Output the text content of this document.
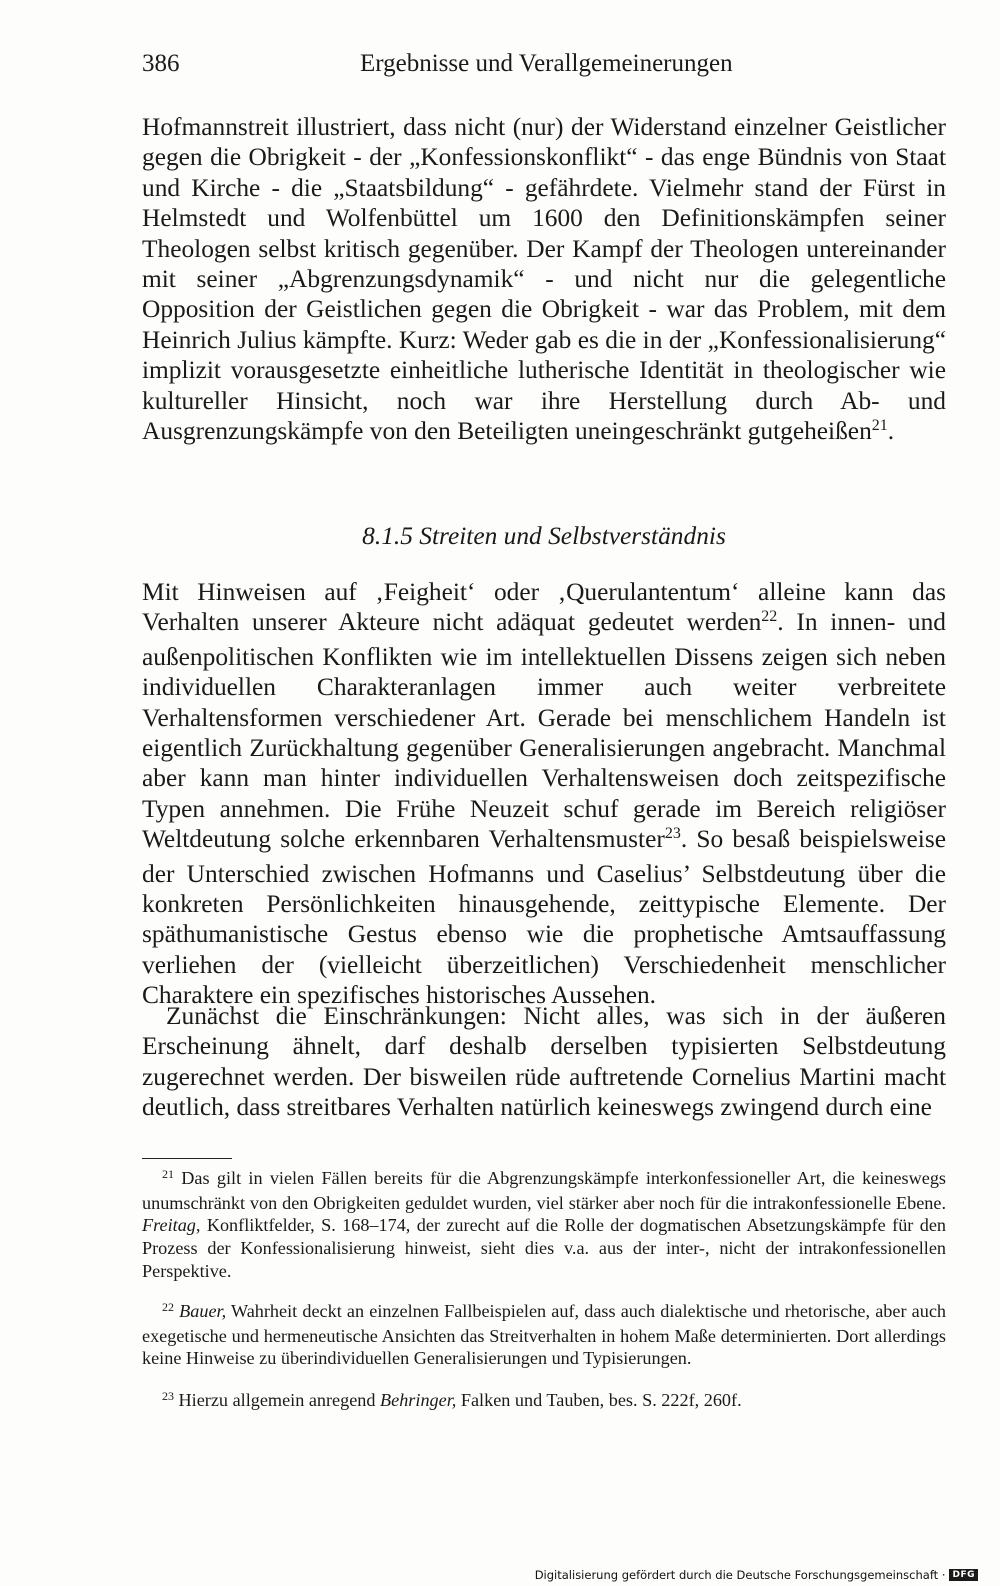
386	Ergebnisse und Verallgemeinerungen

Hofmannstreit illustriert, dass nicht (nur) der Widerstand einzelner Geistlicher gegen die Obrigkeit - der „Konfessionskonflikt“ - das enge Bündnis von Staat und Kirche - die „Staatsbildung“ - gefährdete. Vielmehr stand der Fürst in Helmstedt und Wolfenbüttel um 1600 den Definitionskämpfen seiner Theologen selbst kritisch gegenüber. Der Kampf der Theologen untereinander mit seiner „Abgrenzungsdynamik“ - und nicht nur die gelegentliche Opposition der Geistlichen gegen die Obrigkeit - war das Problem, mit dem Heinrich Julius kämpfte. Kurz: Weder gab es die in der „Konfessionalisierung“ implizit vorausgesetzte einheitliche lutherische Identität in theologischer wie kultureller Hinsicht, noch war ihre Herstellung durch Ab- und Ausgrenzungskämpfe von den Beteiligten uneingeschränkt gutgeheißen$^{21}$.

8.1.5 Streiten und Selbstverständnis

Mit Hinweisen auf ‚Feigheit‘ oder ‚Querulantentum‘ alleine kann das Verhalten unserer Akteure nicht adäquat gedeutet werden$^{22}$. In innen- und außenpolitischen Konflikten wie im intellektuellen Dissens zeigen sich neben individuellen Charakteranlagen immer auch weiter verbreitete Verhaltensformen verschiedener Art. Gerade bei menschlichem Handeln ist eigentlich Zurückhaltung gegenüber Generalisierungen angebracht. Manchmal aber kann man hinter individuellen Verhaltensweisen doch zeitspezifische Typen annehmen. Die Frühe Neuzeit schuf gerade im Bereich religiöser Weltdeutung solche erkennbaren Verhaltensmuster$^{23}$. So besaß beispielsweise der Unterschied zwischen Hofmanns und Caselius’ Selbstdeutung über die konkreten Persönlichkeiten hinausgehende, zeittypische Elemente. Der späthumanistische Gestus ebenso wie die prophetische Amtsauffassung verliehen der (vielleicht überzeitlichen) Verschiedenheit menschlicher Charaktere ein spezifisches historisches Aussehen.

Zunächst die Einschränkungen: Nicht alles, was sich in der äußeren Erscheinung ähnelt, darf deshalb derselben typisierten Selbstdeutung zugerechnet werden. Der bisweilen rüde auftretende Cornelius Martini macht deutlich, dass streitbares Verhalten natürlich keineswegs zwingend durch eine

$^{21}$ Das gilt in vielen Fällen bereits für die Abgrenzungskämpfe interkonfessioneller Art, die keineswegs unumschränkt von den Obrigkeiten geduldet wurden, viel stärker aber noch für die intrakonfessionelle Ebene. Freitag, Konfliktfelder, S. 168–174, der zurecht auf die Rolle der dogmatischen Absetzungskämpfe für den Prozess der Konfessionalisierung hinweist, sieht dies v.a. aus der inter-, nicht der intrakonfessionellen Perspektive.

$^{22}$ Bauer, Wahrheit deckt an einzelnen Fallbeispielen auf, dass auch dialektische und rhetorische, aber auch exegetische und hermeneutische Ansichten das Streitverhalten in hohem Maße determinierten. Dort allerdings keine Hinweise zu überindividuellen Generalisierungen und Typisierungen.

$^{23}$ Hierzu allgemein anregend Behringer, Falken und Tauben, bes. S. 222f, 260f.

Digitalisierung gefördert durch die Deutsche Forschungsgemeinschaft · DFG
